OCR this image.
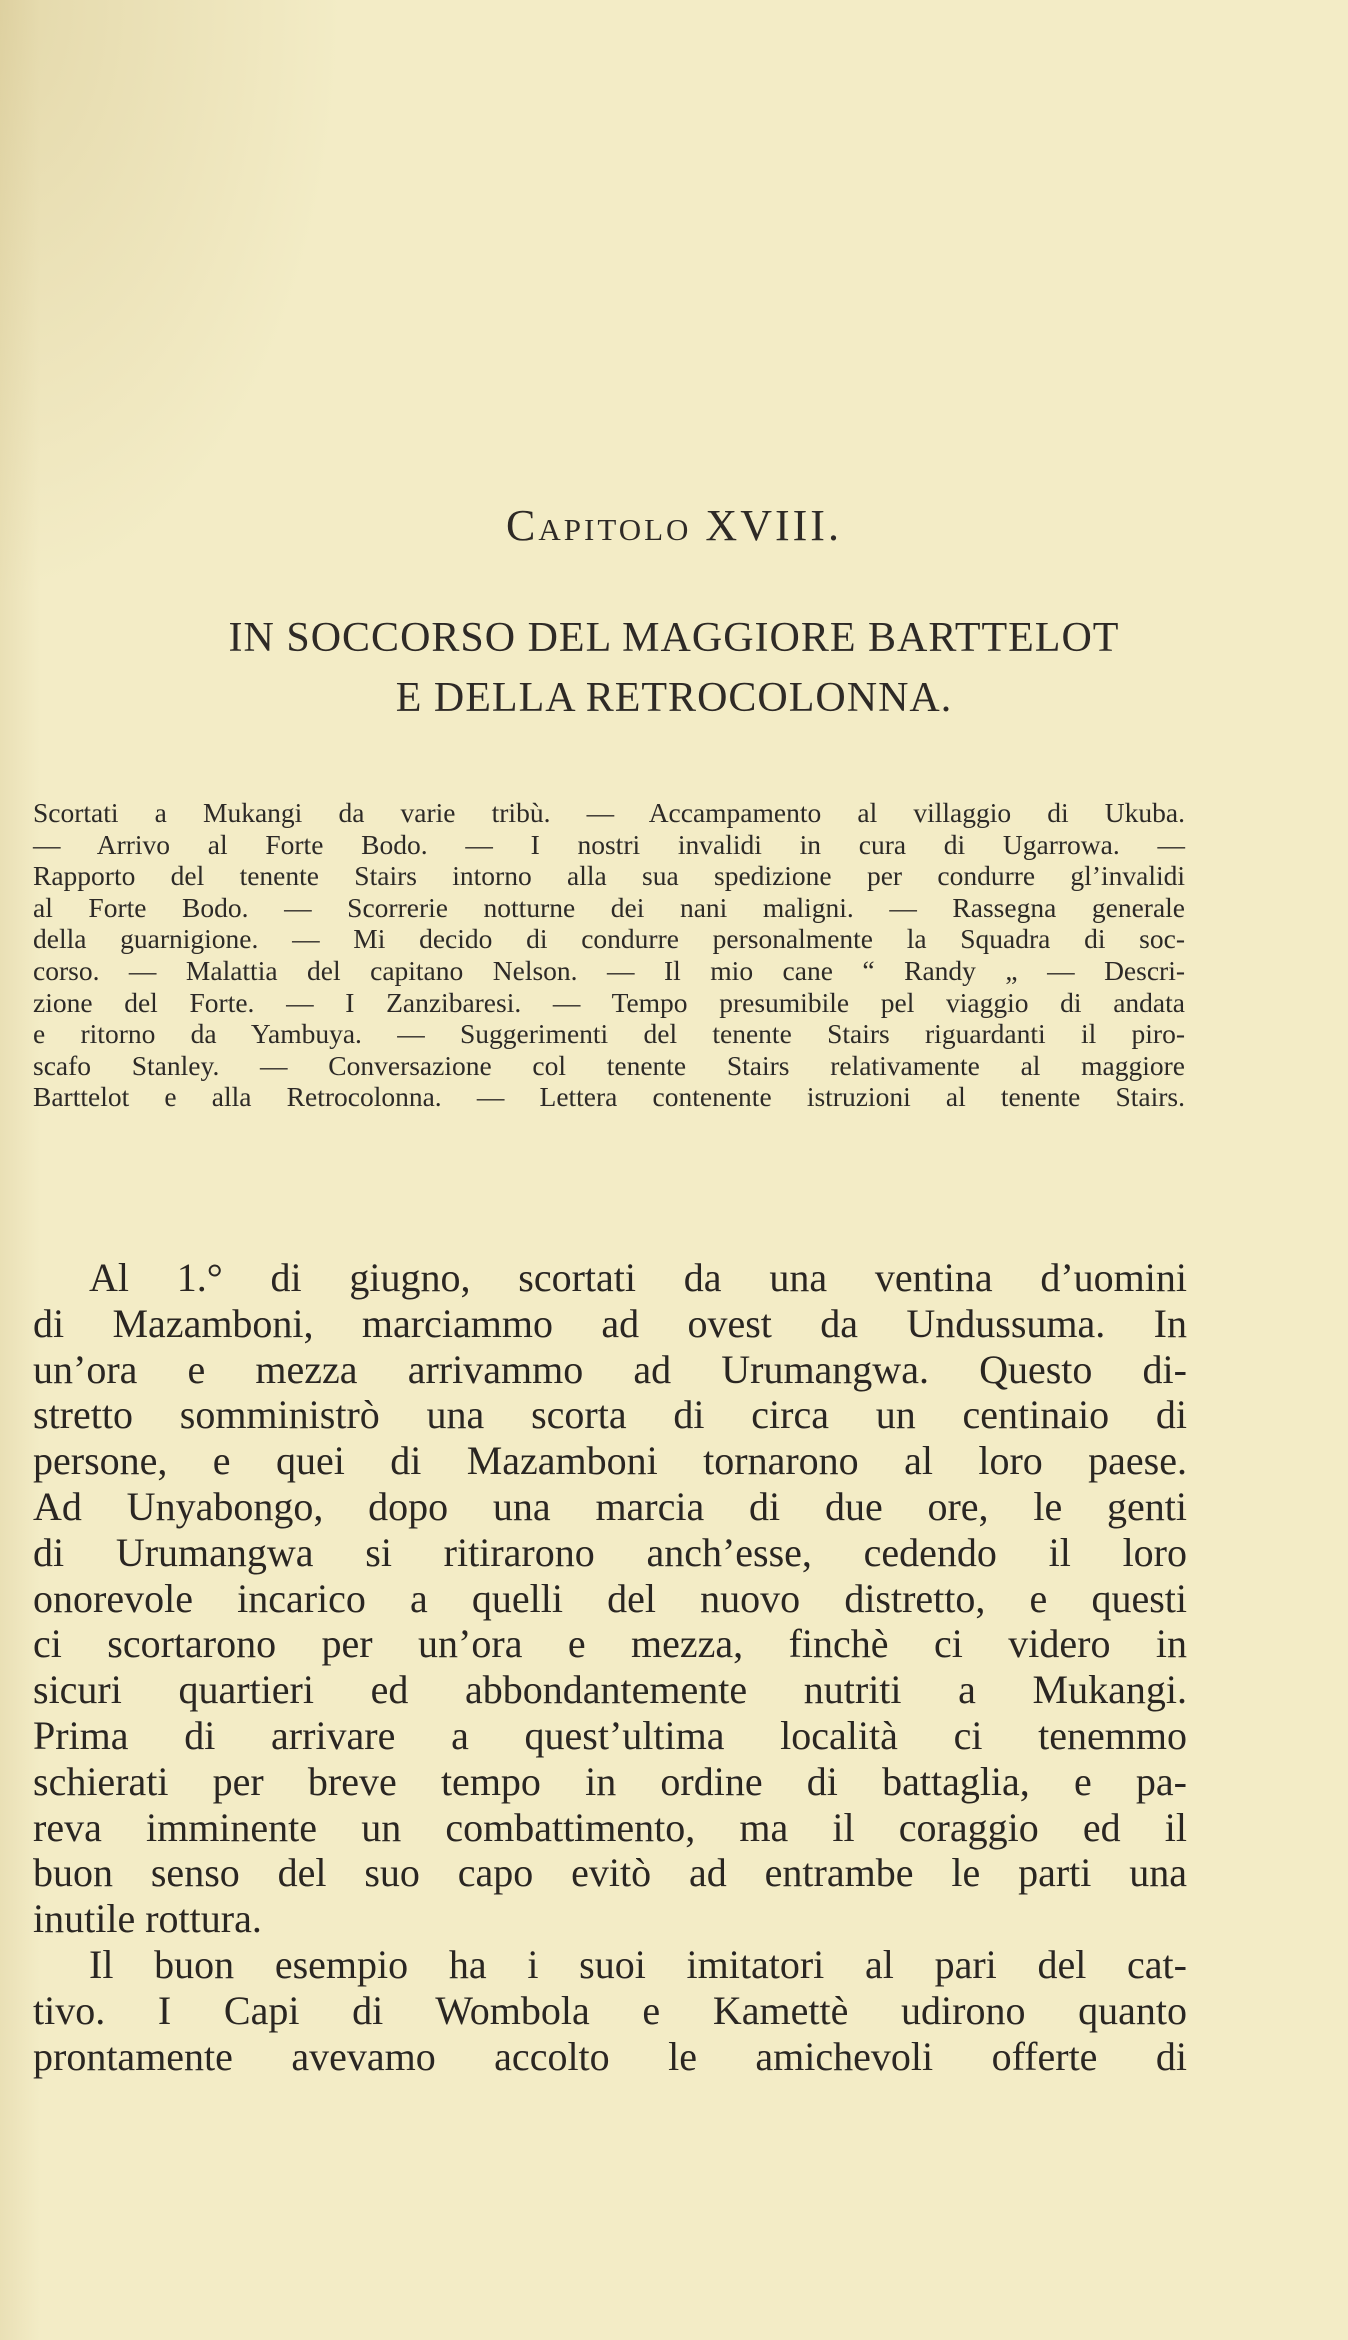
Capitolo XVIII.
IN SOCCORSO DEL MAGGIORE BARTTELOT
E DELLA RETROCOLONNA.
Scortati a Mukangi da varie tribù. — Accampamento al villaggio di Ukuba.
— Arrivo al Forte Bodo. — I nostri invalidi in cura di Ugarrowa. —
Rapporto del tenente Stairs intorno alla sua spedizione per condurre gl’invalidi
al Forte Bodo. — Scorrerie notturne dei nani maligni. — Rassegna generale
della guarnigione. — Mi decido di condurre personalmente la Squadra di soc-
corso. — Malattia del capitano Nelson. — Il mio cane “ Randy „ — Descri-
zione del Forte. — I Zanzibaresi. — Tempo presumibile pel viaggio di andata
e ritorno da Yambuya. — Suggerimenti del tenente Stairs riguardanti il piro-
scafo Stanley. — Conversazione col tenente Stairs relativamente al maggiore
Barttelot e alla Retrocolonna. — Lettera contenente istruzioni al tenente Stairs.
Al 1.° di giugno, scortati da una ventina d’uomini
di Mazamboni, marciammo ad ovest da Undussuma. In
un’ora e mezza arrivammo ad Urumangwa. Questo di-
stretto somministrò una scorta di circa un centinaio di
persone, e quei di Mazamboni tornarono al loro paese.
Ad Unyabongo, dopo una marcia di due ore, le genti
di Urumangwa si ritirarono anch’esse, cedendo il loro
onorevole incarico a quelli del nuovo distretto, e questi
ci scortarono per un’ora e mezza, finchè ci videro in
sicuri quartieri ed abbondantemente nutriti a Mukangi.
Prima di arrivare a quest’ultima località ci tenemmo
schierati per breve tempo in ordine di battaglia, e pa-
reva imminente un combattimento, ma il coraggio ed il
buon senso del suo capo evitò ad entrambe le parti una
inutile rottura.
Il buon esempio ha i suoi imitatori al pari del cat-
tivo. I Capi di Wombola e Kamettè udirono quanto
prontamente avevamo accolto le amichevoli offerte di
